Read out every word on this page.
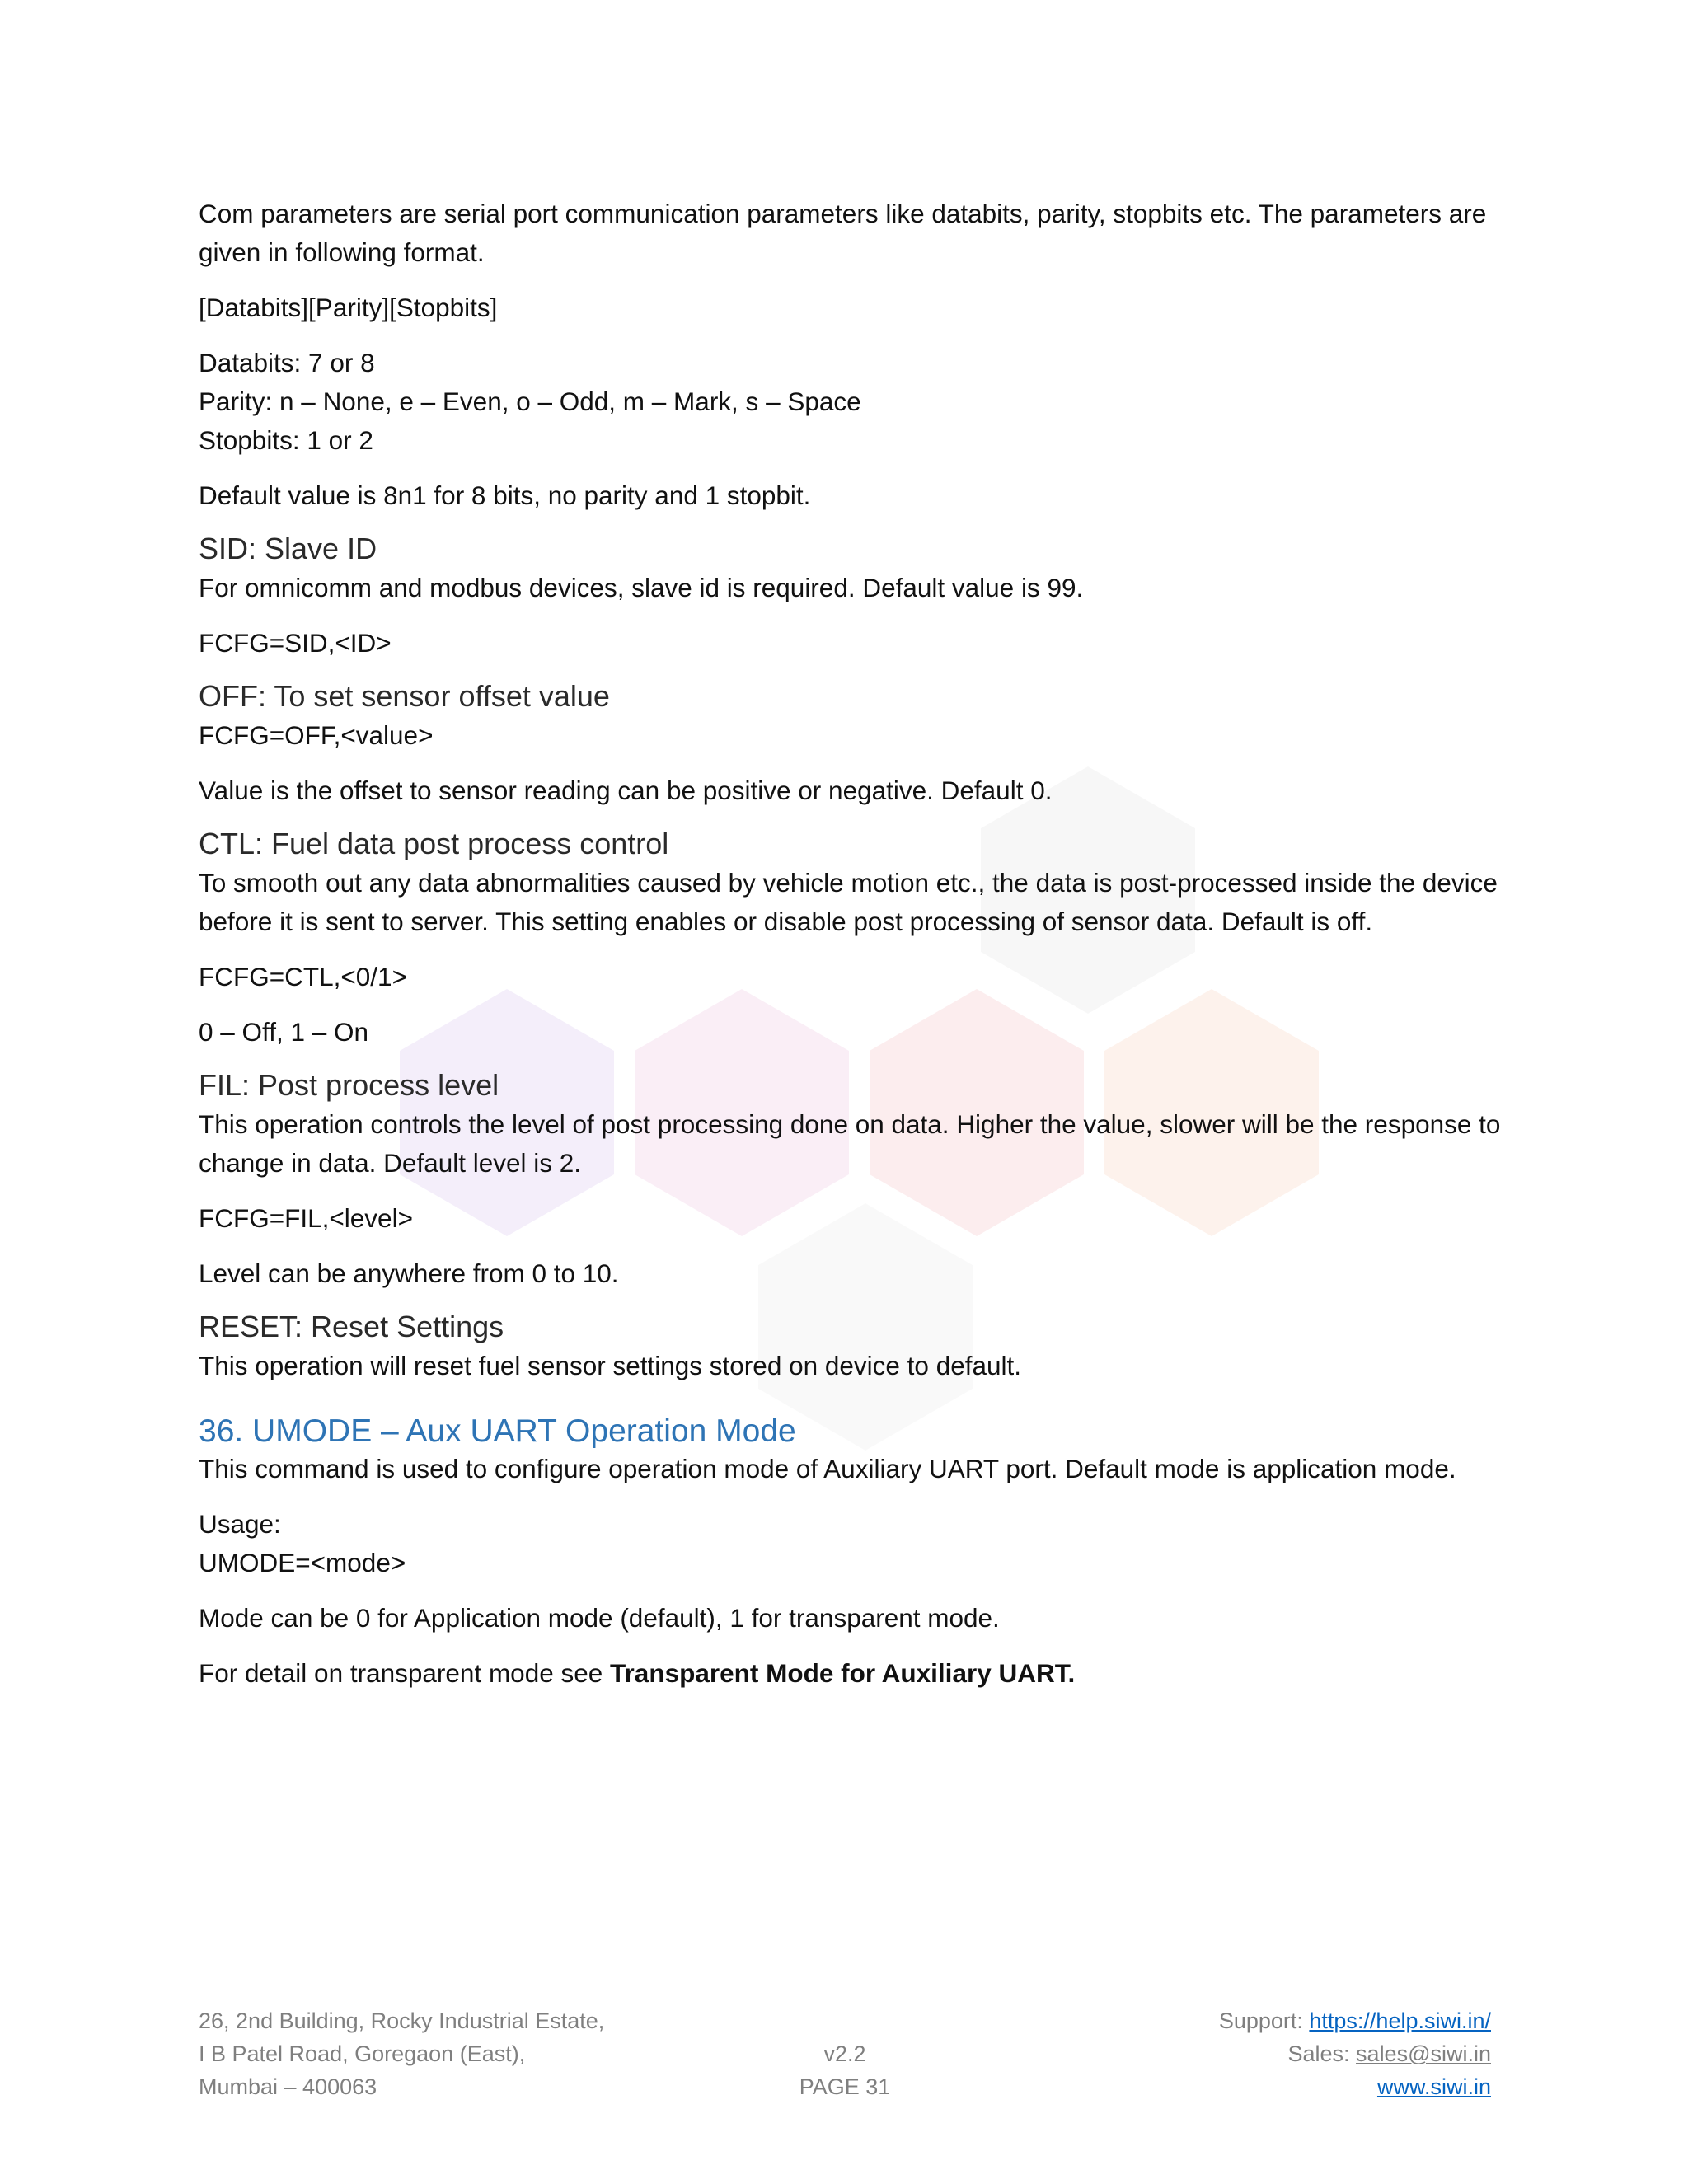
Com parameters are serial port communication parameters like databits, parity, stopbits etc. The parameters are given in following format.

[Databits][Parity][Stopbits]

Databits: 7 or 8

Parity: n – None, e – Even, o – Odd, m – Mark, s – Space

Stopbits: 1 or 2

Default value is 8n1 for 8 bits, no parity and 1 stopbit.

SID: Slave ID

For omnicomm and modbus devices, slave id is required. Default value is 99.

FCFG=SID,<ID>

OFF: To set sensor offset value

FCFG=OFF,<value>

Value is the offset to sensor reading can be positive or negative. Default 0.

CTL: Fuel data post process control

To smooth out any data abnormalities caused by vehicle motion etc., the data is post-processed inside the device before it is sent to server. This setting enables or disable post processing of sensor data. Default is off.

FCFG=CTL,<0/1>

0 – Off, 1 – On

FIL: Post process level

This operation controls the level of post processing done on data. Higher the value, slower will be the response to change in data. Default level is 2.

FCFG=FIL,<level>

Level can be anywhere from 0 to 10.

RESET: Reset Settings

This operation will reset fuel sensor settings stored on device to default.

36. UMODE – Aux UART Operation Mode

This command is used to configure operation mode of Auxiliary UART port. Default mode is application mode.

Usage:

UMODE=<mode>

Mode can be 0 for Application mode (default), 1 for transparent mode.

For detail on transparent mode see Transparent Mode for Auxiliary UART.

26, 2nd Building, Rocky Industrial Estate,
I B Patel Road, Goregaon (East),
Mumbai – 400063
v2.2
PAGE 31
Support: https://help.siwi.in/
Sales: sales@siwi.in
www.siwi.in
